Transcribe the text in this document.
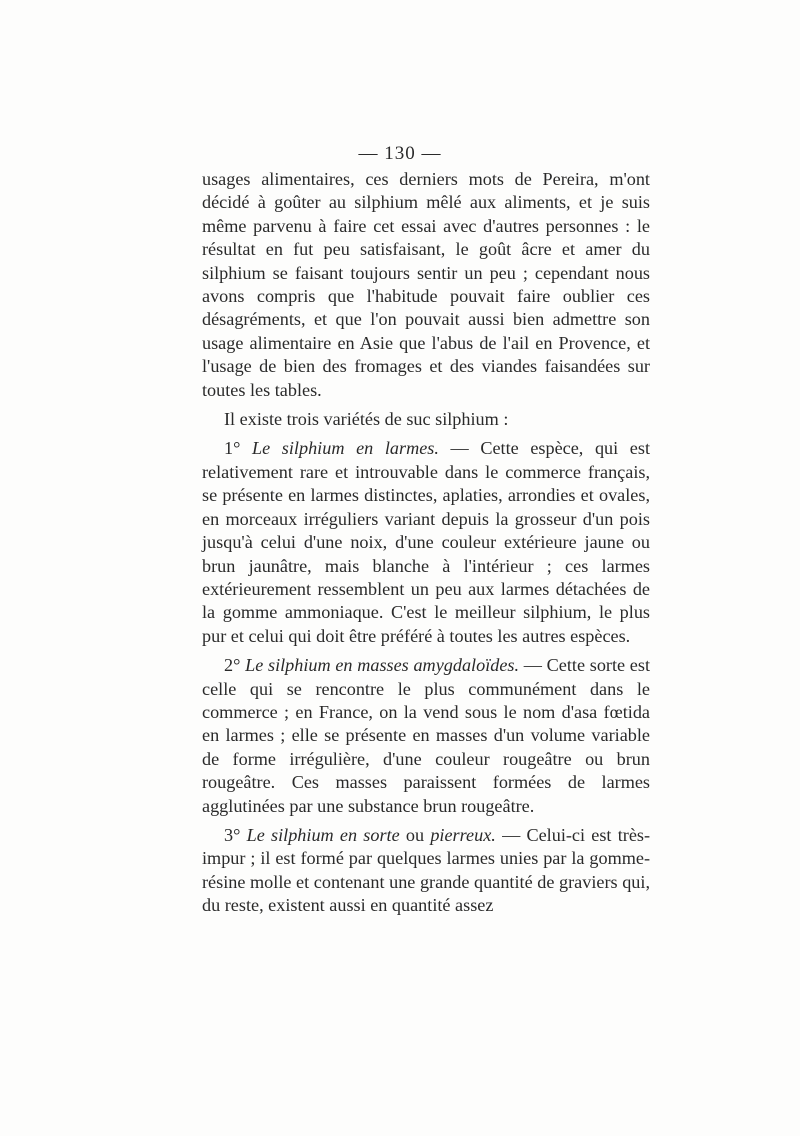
— 130 —

usages alimentaires, ces derniers mots de Pereira, m'ont décidé à goûter au silphium mêlé aux aliments, et je suis même parvenu à faire cet essai avec d'autres personnes : le résultat en fut peu satisfaisant, le goût âcre et amer du silphium se faisant toujours sentir un peu ; cependant nous avons compris que l'habitude pouvait faire oublier ces désagréments, et que l'on pouvait aussi bien admettre son usage alimentaire en Asie que l'abus de l'ail en Provence, et l'usage de bien des fromages et des viandes faisandées sur toutes les tables.

Il existe trois variétés de suc silphium :

1° Le silphium en larmes. — Cette espèce, qui est relativement rare et introuvable dans le commerce français, se présente en larmes distinctes, aplaties, arrondies et ovales, en morceaux irréguliers variant depuis la grosseur d'un pois jusqu'à celui d'une noix, d'une couleur extérieure jaune ou brun jaunâtre, mais blanche à l'intérieur ; ces larmes extérieurement ressemblent un peu aux larmes détachées de la gomme ammoniaque. C'est le meilleur silphium, le plus pur et celui qui doit être préféré à toutes les autres espèces.

2° Le silphium en masses amygdaloïdes. — Cette sorte est celle qui se rencontre le plus communément dans le commerce ; en France, on la vend sous le nom d'asa fœtida en larmes ; elle se présente en masses d'un volume variable de forme irrégulière, d'une couleur rougeâtre ou brun rougeâtre. Ces masses paraissent formées de larmes agglutinées par une substance brun rougeâtre.

3° Le silphium en sorte ou pierreux. — Celui-ci est très-impur ; il est formé par quelques larmes unies par la gomme-résine molle et contenant une grande quantité de graviers qui, du reste, existent aussi en quantité assez
